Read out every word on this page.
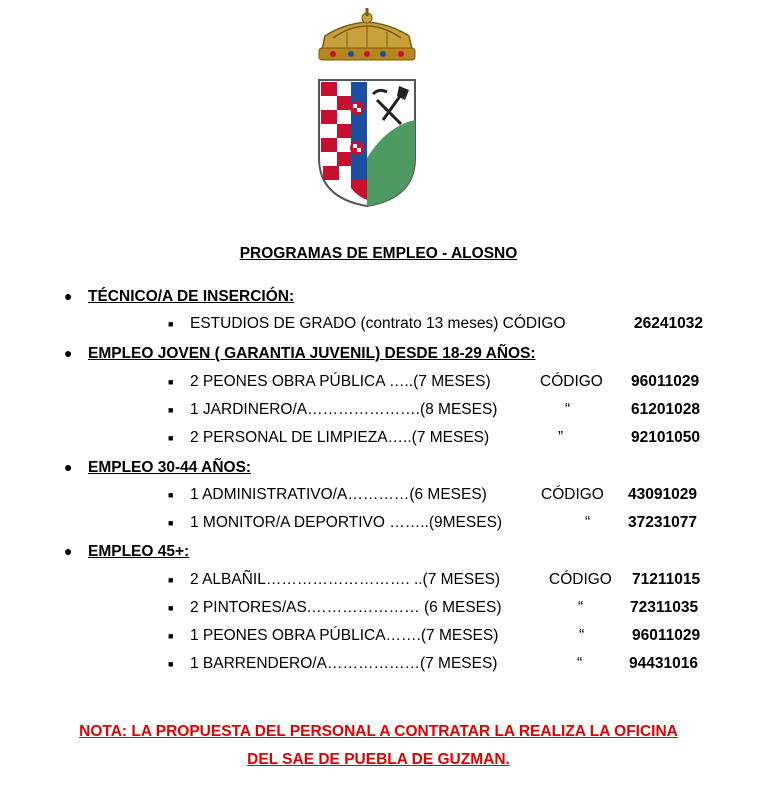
PROGRAMAS DE EMPLEO - ALOSNO
● TÉCNICO/A DE INSERCIÓN:
■ ESTUDIOS DE GRADO (contrato 13 meses) CÓDIGO	26241032
● EMPLEO JOVEN ( GARANTIA JUVENIL) DESDE 18-29 AÑOS:
■ 2 PEONES OBRA PÚBLICA …..(7 MESES)	CÓDIGO 96011029
■ 1 JARDINERO/A………………….(8 MESES)	“	61201028
■ 2 PERSONAL DE LIMPIEZA…..(7 MESES)	”	92101050
● EMPLEO 30-44 AÑOS:
■ 1 ADMINISTRATIVO/A…………(6 MESES)	CÓDIGO 43091029
■ 1 MONITOR/A DEPORTIVO ……..(9MESES)	“ 37231077
● EMPLEO 45+:
■ 2 ALBAÑIL………………………. ..(7 MESES)	CÓDIGO 71211015
■ 2 PINTORES/AS.………………… (6 MESES)	“	72311035
■ 1 PEONES OBRA PÚBLICA…….(7 MESES)	“	96011029
■ 1 BARRENDERO/A………………(7 MESES)	“	94431016
NOTA: LA PROPUESTA DEL PERSONAL A CONTRATAR LA REALIZA LA OFICINA
DEL SAE DE PUEBLA DE GUZMAN.
